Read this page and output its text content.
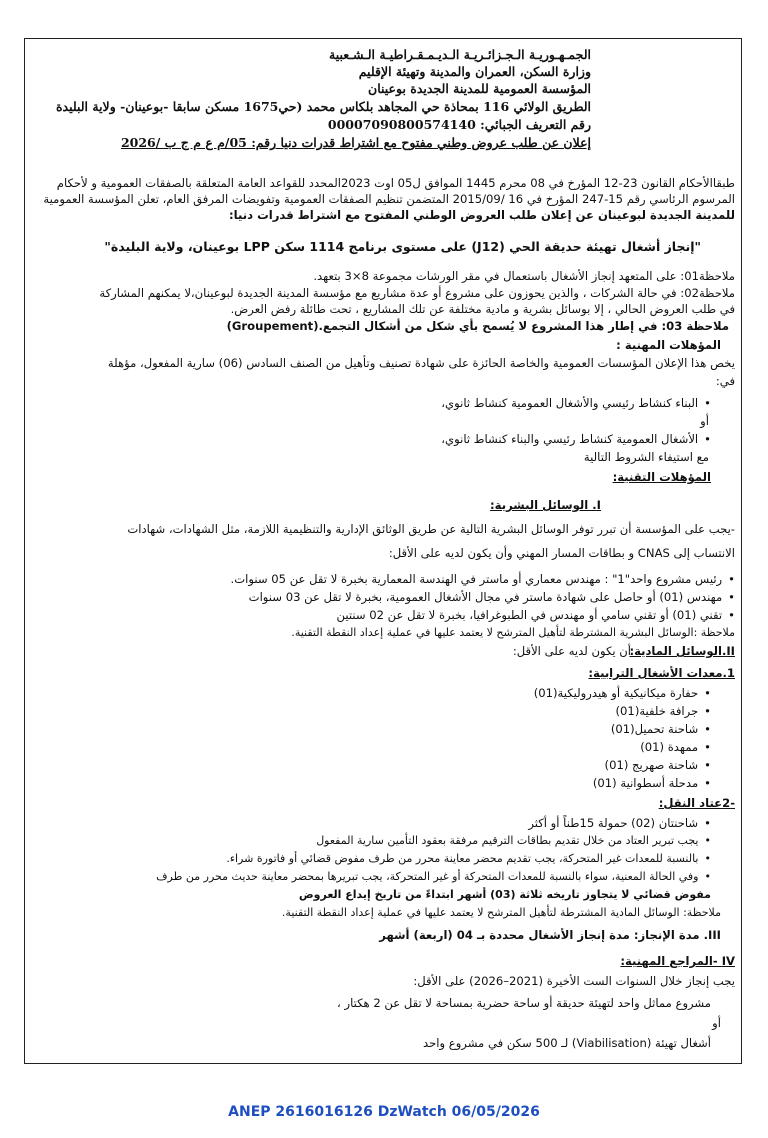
الجمـهـوريـة الـجـزائـريـة الـديـمـقـراطيـة الـشـعبية
وزارة السكن، العمران والمدينة وتهيئة الإقليم
المؤسسة العمومية للمدينة الجديدة بوعينان
الطريق الولائي 116 بمحاذة حي المجاهد بلكاس محمد (حي1675 مسكن سابقا -بوعينان- ولاية البليدة
رقم التعريف الجبائي: 00007090800574140
إعلان عن طلب عروض وطني مفتوح مع اشتراط قدرات دنيا رقم: 05/م ع م ج ب /2026
طبقاالأحكام القانون 23-12 المؤرخ في 08 محرم 1445 الموافق ل05 اوت 2023المحدد للقواعد العامة المتعلقة بالصفقات العمومية و لأحكام
المرسوم الرئاسي رقم 15-247 المؤرخ في 16 /2015/09 المتضمن تنظيم الصفقات العمومية وتفويضات المرفق العام، تعلن المؤسسة العمومية
للمدينة الجديدة لبوعينان عن إعلان طلب العروض الوطني المفتوح مع اشتراط قدرات دنيا:
"إنجاز أشغال تهيئة حديقة الحي (J12) على مستوى برنامج 1114 سكن LPP بوعينان، ولاية البليدة"
ملاحظة01: على المتعهد إنجاز الأشغال باستعمال في مقر الورشات مجموعة 8×3 بتعهد.
ملاحظة02: في حالة الشركات ، والذين يحوزون على مشروع أو عدة مشاريع مع مؤسسة المدينة الجديدة لبوعينان،لا يمكنهم المشاركة
في طلب العروض الحالي ، إلا بوسائل بشرية و مادية مختلفة عن تلك المشاريع ، تحت طائلة رفض العرض.
ملاحظة 03: في إطار هذا المشروع لا يُسمح بأي شكل من أشكال التجمع.(Groupement)
المؤهلات المهنية :
يخص هذا الإعلان المؤسسات العمومية والخاصة الحائزة على شهادة تصنيف وتأهيل من الصنف السادس (06) سارية المفعول، مؤهلة
في:
• البناء كنشاط رئيسي والأشغال العمومية كنشاط ثانوي،
أو
• الأشغال العمومية كنشاط رئيسي والبناء كنشاط ثانوي،
مع استيفاء الشروط التالية
المؤهلات التقنية:
I. الوسائل البشرية:
-يجب على المؤسسة أن تبرر توفر الوسائل البشرية التالية عن طريق الوثائق الإدارية والتنظيمية اللازمة، مثل الشهادات، شهادات
الانتساب إلى CNAS و بطاقات المسار المهني وأن يكون لديه على الأقل:
• رئيس مشروع واحد"1" : مهندس معماري أو ماستر في الهندسة المعمارية بخبرة لا تقل عن 05 سنوات.
• مهندس (01) أو حاصل على شهادة ماستر في مجال الأشغال العمومية، بخبرة لا تقل عن 03 سنوات
• تقني (01) أو تقني سامي أو مهندس في الطبوغرافيا، بخبرة لا تقل عن 02 سنتين
ملاحظة :الوسائل البشرية المشترطة لتأهيل المترشح لا يعتمد عليها في عملية إعداد النقطة التقنية.
II.الوسائل المادية:
أن يكون لديه على الأقل:
1.معدات الأشغال الترابية:
• حفارة ميكانيكية أو هيدروليكية(01)
• جرافة خلفية(01)
• شاحنة تحميل(01)
• ممهدة (01)
• شاحنة صهريج (01)
• مدحلة أسطوانية (01)
-2عتاد النقل:
• شاحنتان (02) حمولة 15طناً أو أكثر
• يجب تبرير العتاد من خلال تقديم بطاقات الترقيم مرفقة بعقود التأمين سارية المفعول
• بالنسبة للمعدات غير المتحركة، يجب تقديم محضر معاينة محرر من طرف مفوض قضائي أو فاتورة شراء.
• وفي الحالة المعنية، سواء بالنسبة للمعدات المتحركة أو غير المتحركة، يجب تبريرها بمحضر معاينة حديث محرر من طرف
مفوض قضائي لا يتجاوز تاريخه ثلاثة (03) أشهر ابتداءً من تاريخ إيداع العروض
ملاحظة: الوسائل المادية المشترطة لتأهيل المترشح لا يعتمد عليها في عملية إعداد النقطة التقنية.
III. مدة الإنجاز: مدة إنجاز الأشغال محددة بـ 04 (اربعة) أشهر
IV -المراجع المهنية:
يجب إنجاز خلال السنوات الست الأخيرة (2021–2026) على الأقل:
مشروع مماثل واحد لتهيئة حديقة أو ساحة حضرية بمساحة لا تقل عن 2 هكتار ،
أو
أشغال تهيئة (Viabilisation) لـ 500 سكن في مشروع واحد
ANEP 2616016126 DzWatch 06/05/2026
